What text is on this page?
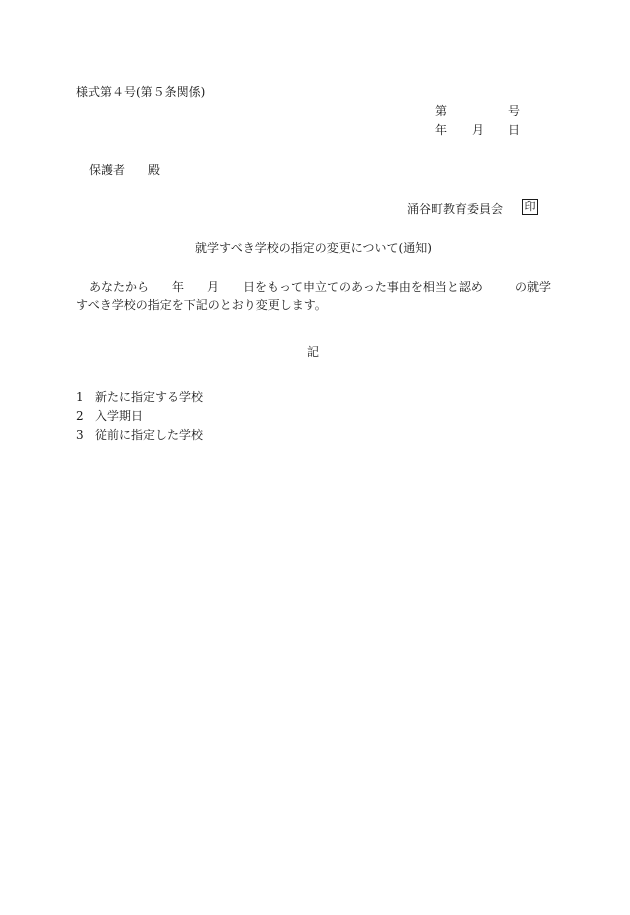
様式第４号(第５条関係)
第	号
年 月 日
保護者 殿
涌谷町教育委員会 印
就学すべき学校の指定の変更について(通知)
あなたから 年 月 日をもって申立てのあった事由を相当と認め	の就学
すべき学校の指定を下記のとおり変更します。
記
1 新たに指定する学校
2 入学期日
3 従前に指定した学校
